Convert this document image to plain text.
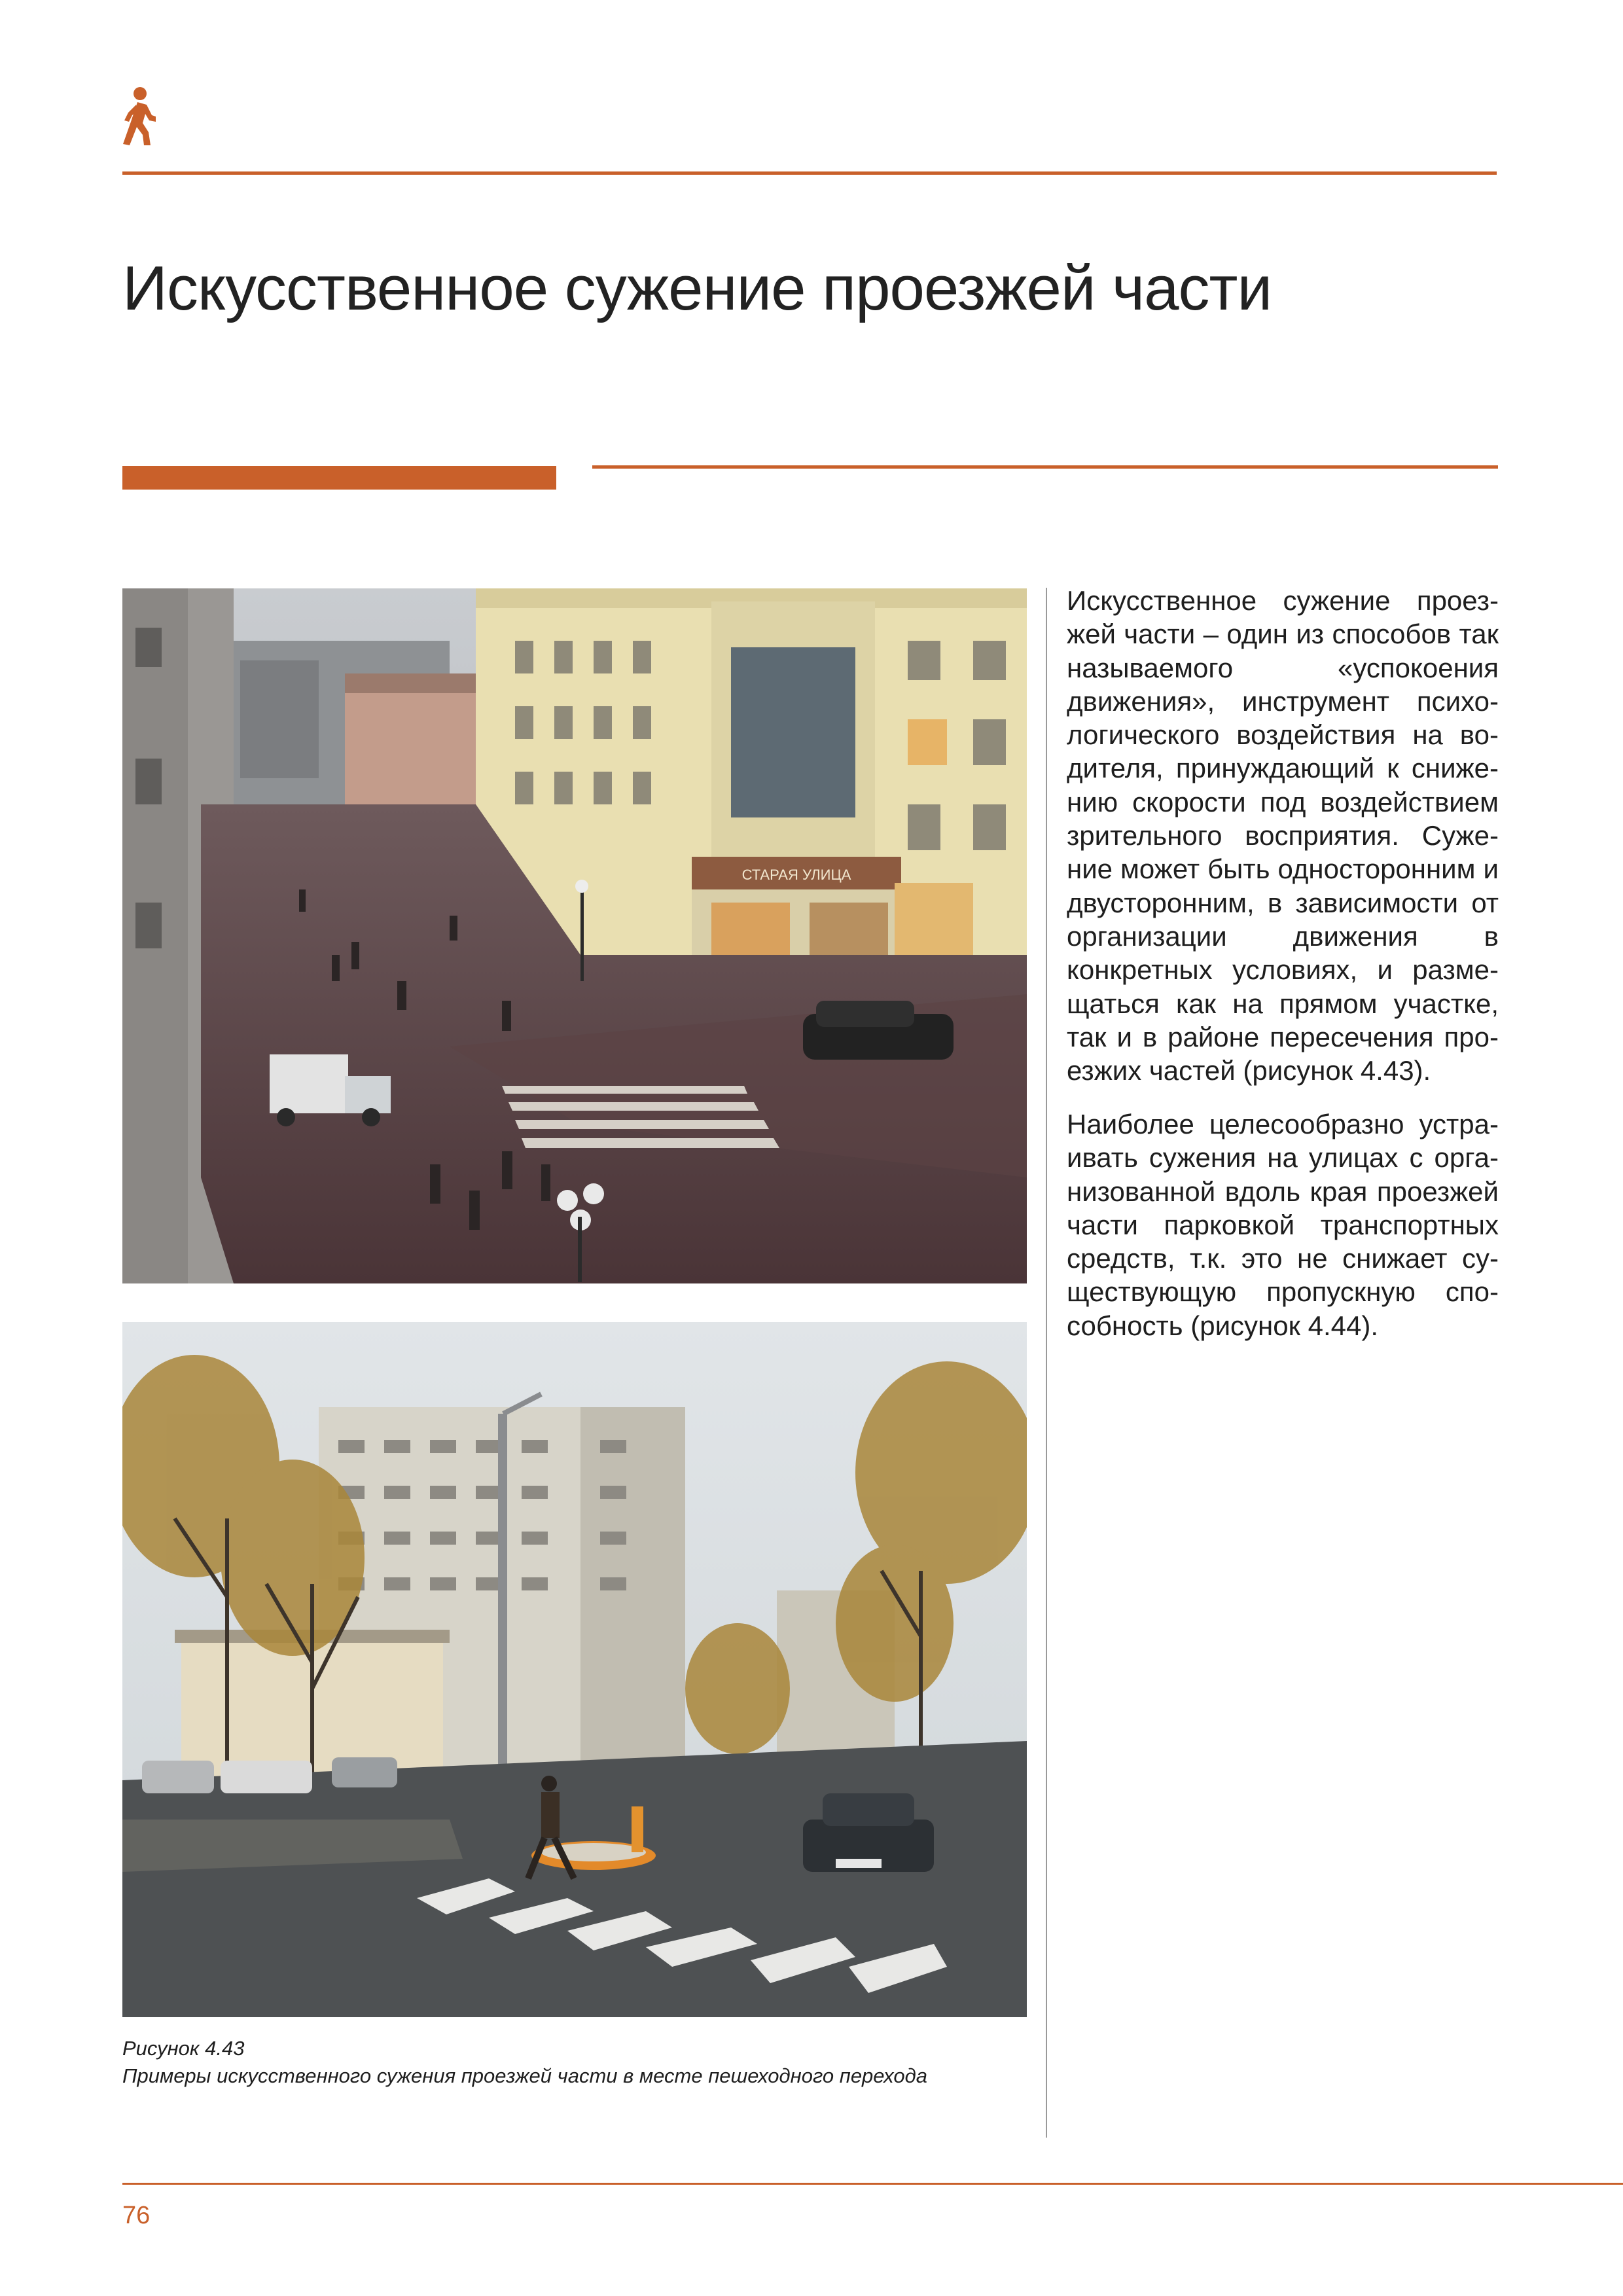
Искусственное сужение проезжей части
СТАРАЯ УЛИЦА

Искусственное сужение проезжей части – один из способов так называемого «успокоения движения», инструмент психологического воздействия на водителя, принуждающий к снижению скорости под воздействием зрительного восприятия. Сужение может быть односторонним и двусторонним, в зависимости от организации движения в конкретных условиях, и размещаться как на прямом участке, так и в районе пересечения проезжих частей (рисунок 4.43).

Наиболее целесообразно устраивать сужения на улицах с организованной вдоль края проезжей части парковкой транспортных средств, т.к. это не снижает существующую пропускную способность (рисунок 4.44).

Рисунок 4.43
Примеры искусственного сужения проезжей части в месте пешеходного перехода
76
